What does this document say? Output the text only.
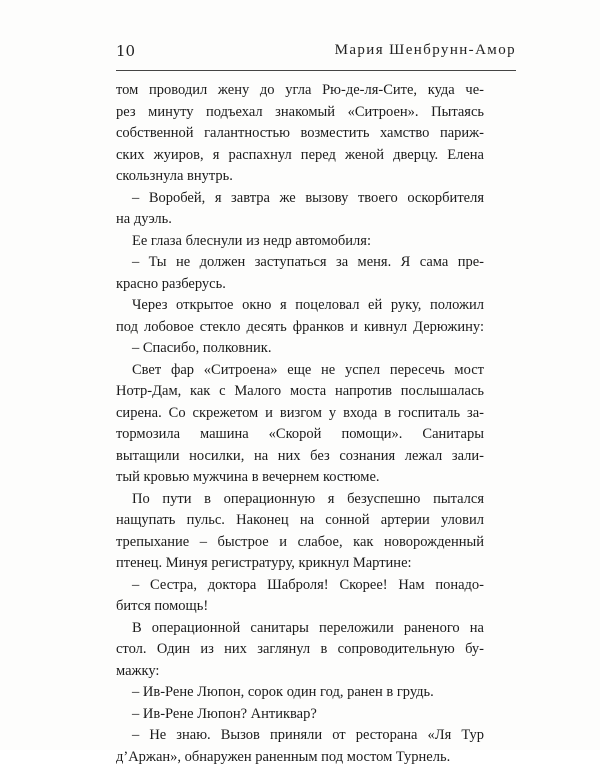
10	Мария Шенбрунн-Амор
том проводил жену до угла Рю-де-ля-Сите, куда че-
рез минуту подъехал знакомый «Ситроен». Пытаясь
собственной галантностью возместить хамство париж-
ских жуиров, я распахнул перед женой дверцу. Елена
скользнула внутрь.
– Воробей, я завтра же вызову твоего оскорбителя
на дуэль.
Ее глаза блеснули из недр автомобиля:
– Ты не должен заступаться за меня. Я сама пре-
красно разберусь.
Через открытое окно я поцеловал ей руку, положил
под лобовое стекло десять франков и кивнул Дерюжину:
– Спасибо, полковник.
Свет фар «Ситроена» еще не успел пересечь мост
Нотр-Дам, как с Малого моста напротив послышалась
сирена. Со скрежетом и визгом у входа в госпиталь за-
тормозила машина «Скорой помощи». Санитары
вытащили носилки, на них без сознания лежал зали-
тый кровью мужчина в вечернем костюме.
По пути в операционную я безуспешно пытался
нащупать пульс. Наконец на сонной артерии уловил
трепыхание – быстрое и слабое, как новорожденный
птенец. Минуя регистратуру, крикнул Мартине:
– Сестра, доктора Шаброля! Скорее! Нам понадо-
бится помощь!
В операционной санитары переложили раненого на
стол. Один из них заглянул в сопроводительную бу-
мажку:
– Ив-Рене Люпон, сорок один год, ранен в грудь.
– Ив-Рене Люпон? Антиквар?
– Не знаю. Вызов приняли от ресторана «Ля Тур
д’Аржан», обнаружен раненным под мостом Турнель.
